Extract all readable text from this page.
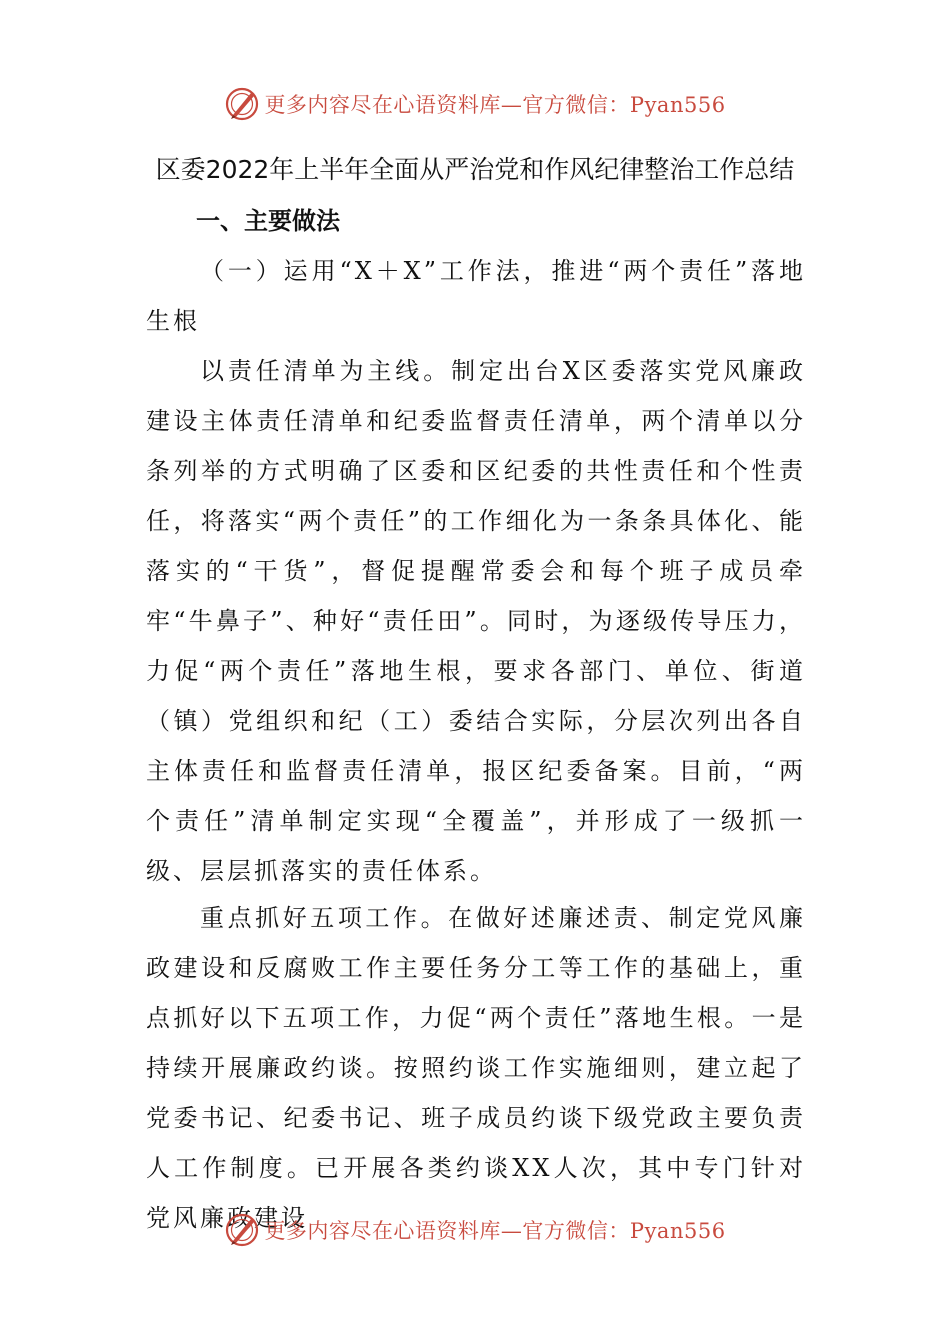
更多内容尽在心语资料库—官方微信：Pyan556
区委2022年上半年全面从严治党和作风纪律整治工作总结
一、主要做法

（一）运用“X＋X”工作法，推进“两个责任”落地生根

以责任清单为主线。制定出台X区委落实党风廉政建设主体责任清单和纪委监督责任清单，两个清单以分条列举的方式明确了区委和区纪委的共性责任和个性责任，将落实“两个责任”的工作细化为一条条具体化、能落实的“干货”，督促提醒常委会和每个班子成员牵牢“牛鼻子”、种好“责任田”。同时，为逐级传导压力，力促“两个责任”落地生根，要求各部门、单位、街道（镇）党组织和纪（工）委结合实际，分层次列出各自主体责任和监督责任清单，报区纪委备案。目前，“两个责任”清单制定实现“全覆盖”，并形成了一级抓一级、层层抓落实的责任体系。

重点抓好五项工作。在做好述廉述责、制定党风廉政建设和反腐败工作主要任务分工等工作的基础上，重点抓好以下五项工作，力促“两个责任”落地生根。一是持续开展廉政约谈。按照约谈工作实施细则，建立起了党委书记、纪委书记、班子成员约谈下级党政主要负责人工作制度。已开展各类约谈XX人次，其中专门针对党风廉政建设

更多内容尽在心语资料库—官方微信：Pyan556
